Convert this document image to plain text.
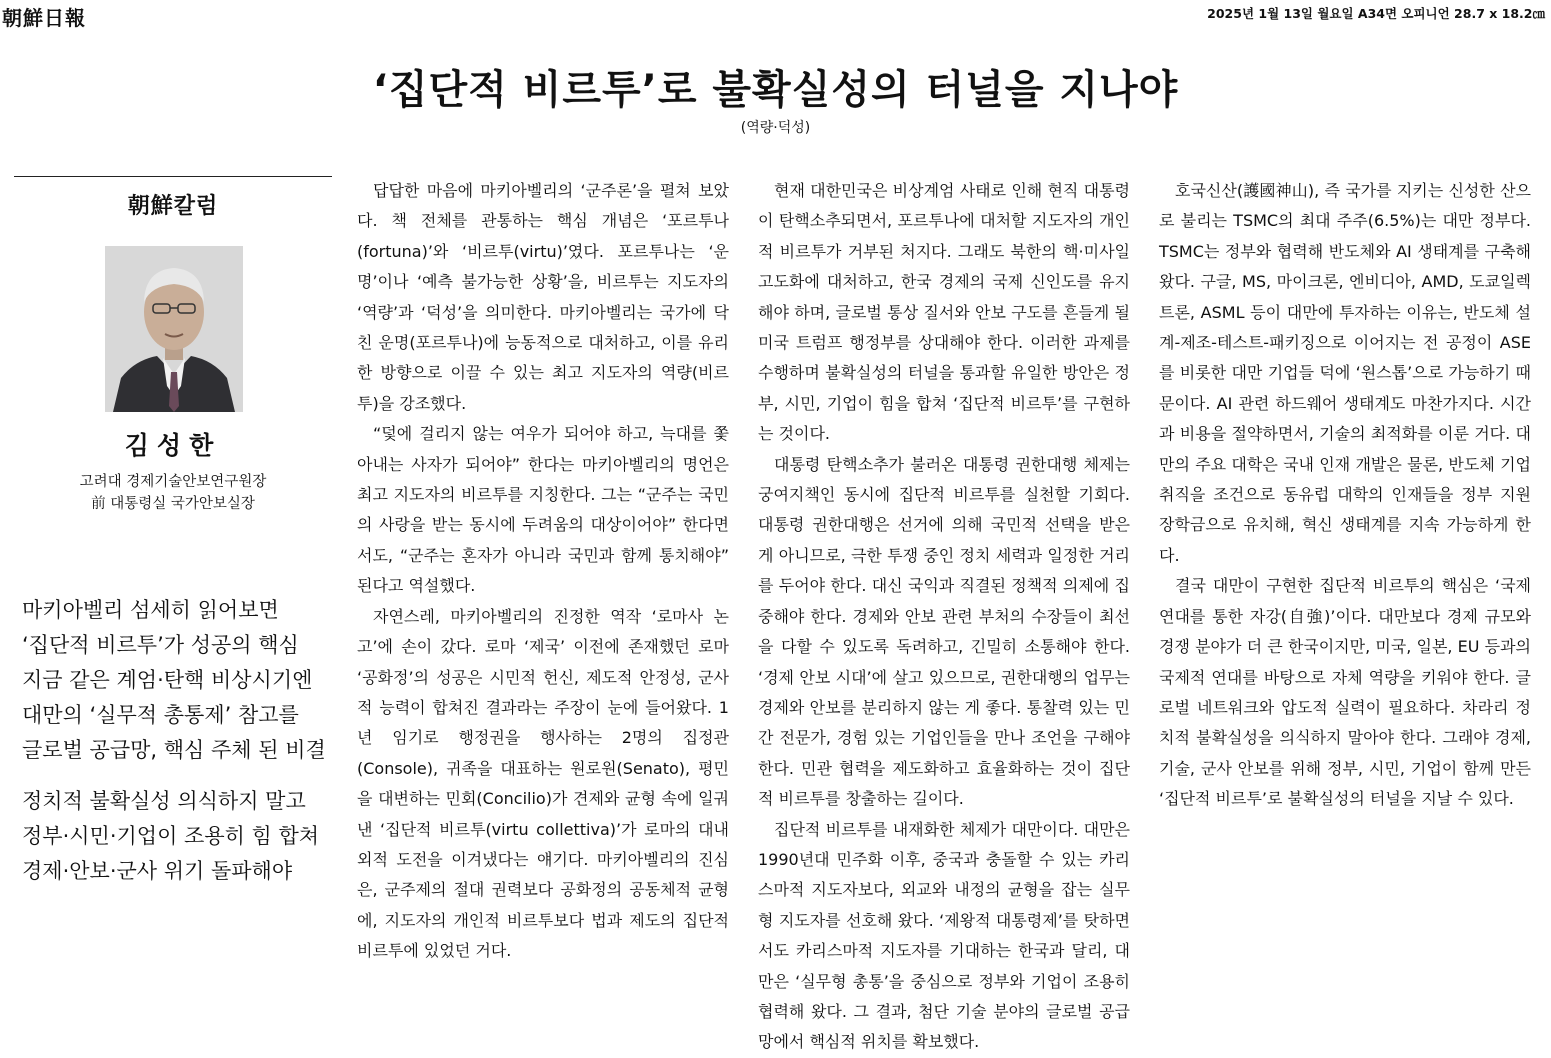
朝鮮日報	2025년 1월 13일 월요일 A34면 오피니언 28.7 x 18.2㎝
‘집단적 비르투’로 불확실성의 터널을 지나야
(역량·덕성)
朝鮮칼럼
김성한
고려대 경제기술안보연구원장
前 대통령실 국가안보실장
마키아벨리 섬세히 읽어보면
‘집단적 비르투’가 성공의 핵심
지금 같은 계엄·탄핵 비상시기엔
대만의 ‘실무적 총통제’ 참고를
글로벌 공급망, 핵심 주체 된 비결
정치적 불확실성 의식하지 말고
정부·시민·기업이 조용히 힘 합쳐
경제·안보·군사 위기 돌파해야

답답한 마음에 마키아벨리의 ‘군주론’을 펼쳐 보았다. 책 전체를 관통하는 핵심 개념은 ‘포르투나(fortuna)’와 ‘비르투(virtu)’였다. 포르투나는 ‘운명’이나 ‘예측 불가능한 상황’을, 비르투는 지도자의 ‘역량’과 ‘덕성’을 의미한다. 마키아벨리는 국가에 닥친 운명(포르투나)에 능동적으로 대처하고, 이를 유리한 방향으로 이끌 수 있는 최고 지도자의 역량(비르투)을 강조했다.

“덫에 걸리지 않는 여우가 되어야 하고, 늑대를 쫓아내는 사자가 되어야” 한다는 마키아벨리의 명언은 최고 지도자의 비르투를 지칭한다. 그는 “군주는 국민의 사랑을 받는 동시에 두려움의 대상이어야” 한다면서도, “군주는 혼자가 아니라 국민과 함께 통치해야” 된다고 역설했다.

자연스레, 마키아벨리의 진정한 역작 ‘로마사 논고’에 손이 갔다. 로마 ‘제국’ 이전에 존재했던 로마 ‘공화정’의 성공은 시민적 헌신, 제도적 안정성, 군사적 능력이 합쳐진 결과라는 주장이 눈에 들어왔다. 1년 임기로 행정권을 행사하는 2명의 집정관(Console), 귀족을 대표하는 원로원(Senato), 평민을 대변하는 민회(Concilio)가 견제와 균형 속에 일궈낸 ‘집단적 비르투(virtu collettiva)’가 로마의 대내외적 도전을 이겨냈다는 얘기다. 마키아벨리의 진심은, 군주제의 절대 권력보다 공화정의 공동체적 균형에, 지도자의 개인적 비르투보다 법과 제도의 집단적 비르투에 있었던 거다.

현재 대한민국은 비상계엄 사태로 인해 현직 대통령이 탄핵소추되면서, 포르투나에 대처할 지도자의 개인적 비르투가 거부된 처지다. 그래도 북한의 핵·미사일 고도화에 대처하고, 한국 경제의 국제 신인도를 유지해야 하며, 글로벌 통상 질서와 안보 구도를 흔들게 될 미국 트럼프 행정부를 상대해야 한다. 이러한 과제를 수행하며 불확실성의 터널을 통과할 유일한 방안은 정부, 시민, 기업이 힘을 합쳐 ‘집단적 비르투’를 구현하는 것이다.

대통령 탄핵소추가 불러온 대통령 권한대행 체제는 궁여지책인 동시에 집단적 비르투를 실천할 기회다. 대통령 권한대행은 선거에 의해 국민적 선택을 받은 게 아니므로, 극한 투쟁 중인 정치 세력과 일정한 거리를 두어야 한다. 대신 국익과 직결된 정책적 의제에 집중해야 한다. 경제와 안보 관련 부처의 수장들이 최선을 다할 수 있도록 독려하고, 긴밀히 소통해야 한다. ‘경제 안보 시대’에 살고 있으므로, 권한대행의 업무는 경제와 안보를 분리하지 않는 게 좋다. 통찰력 있는 민간 전문가, 경험 있는 기업인들을 만나 조언을 구해야 한다. 민관 협력을 제도화하고 효율화하는 것이 집단적 비르투를 창출하는 길이다.

집단적 비르투를 내재화한 체제가 대만이다. 대만은 1990년대 민주화 이후, 중국과 충돌할 수 있는 카리스마적 지도자보다, 외교와 내정의 균형을 잡는 실무형 지도자를 선호해 왔다. ‘제왕적 대통령제’를 탓하면서도 카리스마적 지도자를 기대하는 한국과 달리, 대만은 ‘실무형 총통’을 중심으로 정부와 기업이 조용히 협력해 왔다. 그 결과, 첨단 기술 분야의 글로벌 공급망에서 핵심적 위치를 확보했다.

호국신산(護國神山), 즉 국가를 지키는 신성한 산으로 불리는 TSMC의 최대 주주(6.5%)는 대만 정부다. TSMC는 정부와 협력해 반도체와 AI 생태계를 구축해 왔다. 구글, MS, 마이크론, 엔비디아, AMD, 도쿄일렉트론, ASML 등이 대만에 투자하는 이유는, 반도체 설계-제조-테스트-패키징으로 이어지는 전 공정이 ASE를 비롯한 대만 기업들 덕에 ‘원스톱’으로 가능하기 때문이다. AI 관련 하드웨어 생태계도 마찬가지다. 시간과 비용을 절약하면서, 기술의 최적화를 이룬 거다. 대만의 주요 대학은 국내 인재 개발은 물론, 반도체 기업 취직을 조건으로 동유럽 대학의 인재들을 정부 지원 장학금으로 유치해, 혁신 생태계를 지속 가능하게 한다.

결국 대만이 구현한 집단적 비르투의 핵심은 ‘국제 연대를 통한 자강(自強)’이다. 대만보다 경제 규모와 경쟁 분야가 더 큰 한국이지만, 미국, 일본, EU 등과의 국제적 연대를 바탕으로 자체 역량을 키워야 한다. 글로벌 네트워크와 압도적 실력이 필요하다. 차라리 정치적 불확실성을 의식하지 말아야 한다. 그래야 경제, 기술, 군사 안보를 위해 정부, 시민, 기업이 함께 만든 ‘집단적 비르투’로 불확실성의 터널을 지날 수 있다.
